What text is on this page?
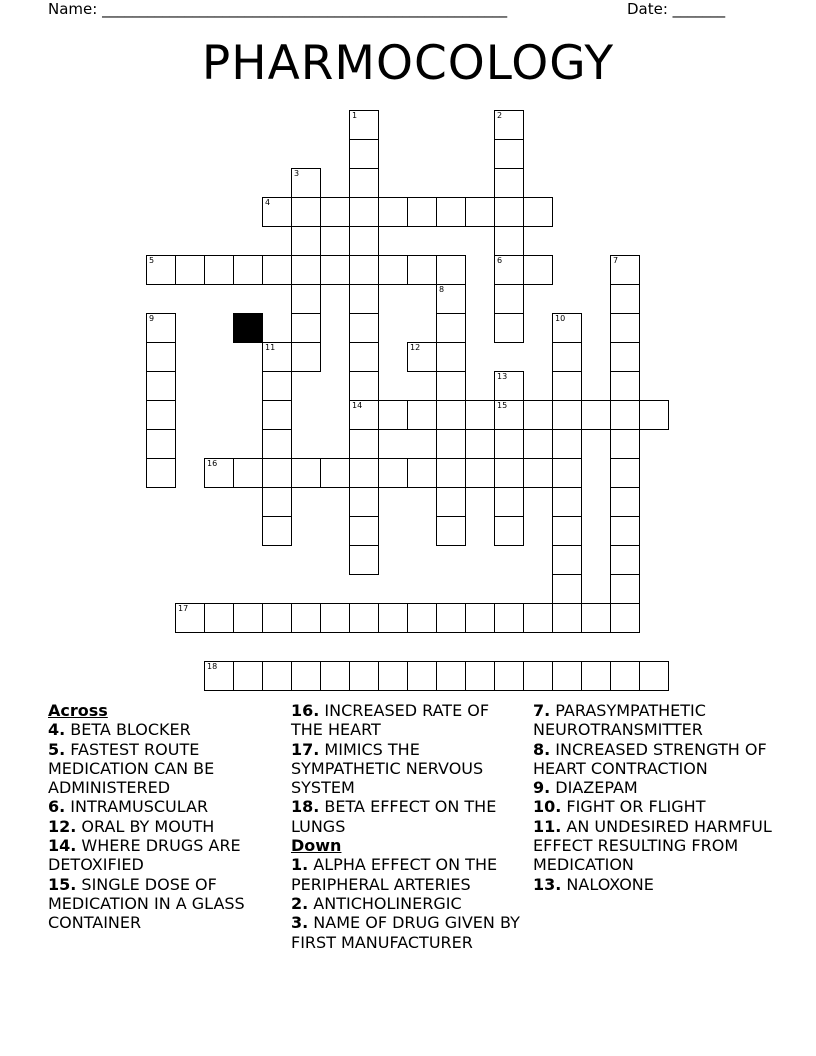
Name: ______________________________________________________	Date: _______
PHARMOCOLOGY
4
5	6
12
14	15
16
17
18
1	2
3
7
8
9	10
11
13
Across
4. BETA BLOCKER
5. FASTEST ROUTE MEDICATION CAN BE ADMINISTERED
6. INTRAMUSCULAR
12. ORAL BY MOUTH
14. WHERE DRUGS ARE DETOXIFIED
15. SINGLE DOSE OF MEDICATION IN A GLASS CONTAINER
16. INCREASED RATE OF THE HEART
17. MIMICS THE SYMPATHETIC NERVOUS SYSTEM
18. BETA EFFECT ON THE LUNGS
Down
1. ALPHA EFFECT ON THE PERIPHERAL ARTERIES
2. ANTICHOLINERGIC
3. NAME OF DRUG GIVEN BY FIRST MANUFACTURER
7. PARASYMPATHETIC NEUROTRANSMITTER
8. INCREASED STRENGTH OF HEART CONTRACTION
9. DIAZEPAM
10. FIGHT OR FLIGHT
11. AN UNDESIRED HARMFUL EFFECT RESULTING FROM MEDICATION
13. NALOXONE
